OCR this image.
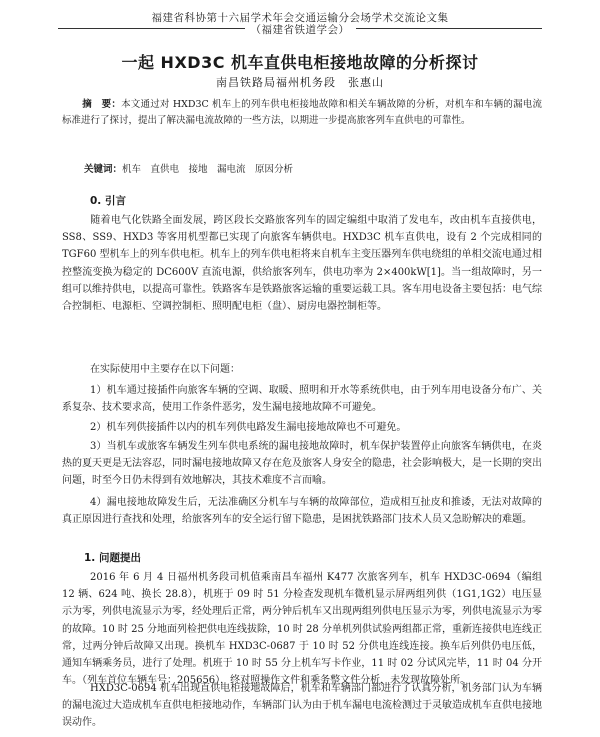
福建省科协第十六届学术年会交通运输分会场学术交流论文集
（福建省铁道学会）
一起 HXD3C 机车直供电柜接地故障的分析探讨
南昌铁路局福州机务段　张惠山
摘　要：本文通过对 HXD3C 机车上的列车供电柜接地故障和相关车辆故障的分析，对机车和车辆的漏电流标准进行了探讨，提出了解决漏电流故障的一些方法，以期进一步提高旅客列车直供电的可靠性。
关键词：机车　直供电　接地　漏电流　原因分析
0. 引言
随着电气化铁路全面发展，跨区段长交路旅客列车的固定编组中取消了发电车，改由机车直接供电，SS8、SS9、HXD3 等客用机型都已实现了向旅客车辆供电。HXD3C 机车直供电，设有 2 个完成相同的 TGF60 型机车上的列车供电柜。机车上的列车供电柜将来自机车主变压器列车供电绕组的单相交流电通过相控整流变换为稳定的 DC600V 直流电源，供给旅客列车，供电功率为 2×400kW[1]。当一组故障时，另一组可以维持供电，以提高可靠性。铁路客车是铁路旅客运输的重要运载工具。客车用电设备主要包括：电气综合控制柜、电源柜、空调控制柜、照明配电柜（盘）、厨房电器控制柜等。
在实际使用中主要存在以下问题：
1）机车通过接插件向旅客车辆的空调、取暖、照明和开水等系统供电，由于列车用电设备分布广、关系复杂、技术要求高，使用工作条件恶劣，发生漏电接地故障不可避免。
2）机车列供接插件以内的机车列供电路发生漏电接地故障也不可避免。
3）当机车或旅客车辆发生列车供电系统的漏电接地故障时，机车保护装置停止向旅客车辆供电，在炎热的夏天更是无法容忍，同时漏电接地故障又存在危及旅客人身安全的隐患，社会影响极大，是一长期的突出问题，时至今日仍未得到有效地解决，其技术难度不言而喻。
4）漏电接地故障发生后，无法准确区分机车与车辆的故障部位，造成相互扯皮和推诿，无法对故障的真正原因进行查找和处理，给旅客列车的安全运行留下隐患，是困扰铁路部门技术人员又急盼解决的难题。
1. 问题提出
2016 年 6 月 4 日福州机务段司机值乘南昌车福州 K477 次旅客列车，机车 HXD3C-0694（编组 12 辆、624 吨、换长 28.8），机班于 09 时 51 分检查发现机车微机显示屏两组列供（1G1,1G2）电压显示为零，列供电流显示为零，经处理后正常，两分钟后机车又出现两组列供电压显示为零，列供电流显示为零的故障。10 时 25 分地面列检把供电连线拔除，10 时 28 分单机列供试验两组都正常，重新连接供电连线正常，过两分钟后故障又出现。换机车 HXD3C-0687 于 10 时 52 分供电连线连接。换车后列供仍电压低，通知车辆乘务员，进行了处理。机班于 10 时 55 分上机车写卡作业，11 时 02 分试风完毕，11 时 04 分开车。（列车首位车辆车号：205656），终对照操作文件和乘务整文件分析，未发现故障处所。
HXD3C-0694 机车出现直供电柜接地故障后，机车和车辆部门都进行了认真分析，机务部门认为车辆的漏电流过大造成机车直供电柜接地动作，车辆部门认为由于机车漏电电流检测过于灵敏造成机车直供电接地误动作。
